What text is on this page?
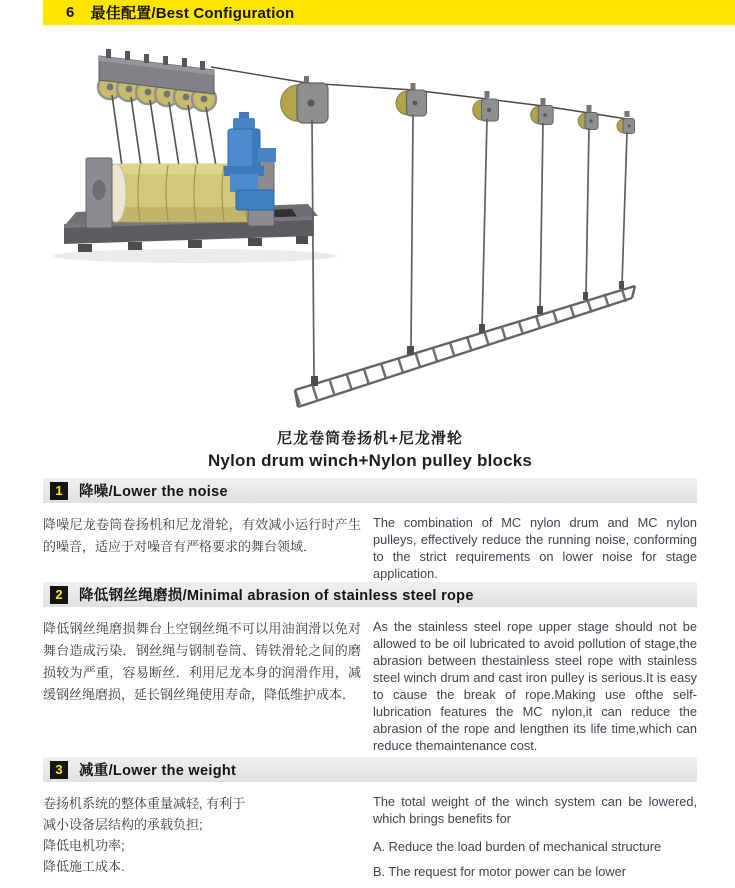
6 最佳配置/Best Configuration
尼龙卷筒卷扬机+尼龙滑轮
Nylon drum winch+Nylon pulley blocks
1	降噪/Lower the noise
降噪尼龙卷筒卷扬机和尼龙滑轮，有效减小运行时产生的噪音，适应于对噪音有严格要求的舞台领域．
The combination of MC nylon drum and MC nylon pulleys, effectively reduce the running noise, conforming to the strict requirements on lower noise for stage application.
2	降低钢丝绳磨损/Minimal abrasion of stainless steel rope
降低钢丝绳磨损舞台上空钢丝绳不可以用油润滑以免对舞台造成污染．钢丝绳与钢制卷筒、铸铁滑轮之间的磨损较为严重，容易断丝．利用尼龙本身的润滑作用，减缓钢丝绳磨损，延长钢丝绳使用寿命，降低维护成本．
As the stainless steel rope upper stage should not be allowed to be oil lubricated to avoid pollution of stage,the abrasion between thestainless steel rope with stainless steel winch drum and cast iron pulley is serious.It is easy to cause the break of rope.Making use ofthe self-lubrication features the MC nylon,it can reduce the abrasion of the rope and lengthen its life time,which can reduce themaintenance cost.
3	减重/Lower the weight
卷扬机系统的整体重量减轻, 有利于
减小设备层结构的承载负担;
降低电机功率;
降低施工成本.

The total weight of the winch system can be lowered, which brings benefits for

A. Reduce the load burden of mechanical structure

B. The request for motor power can be lower
